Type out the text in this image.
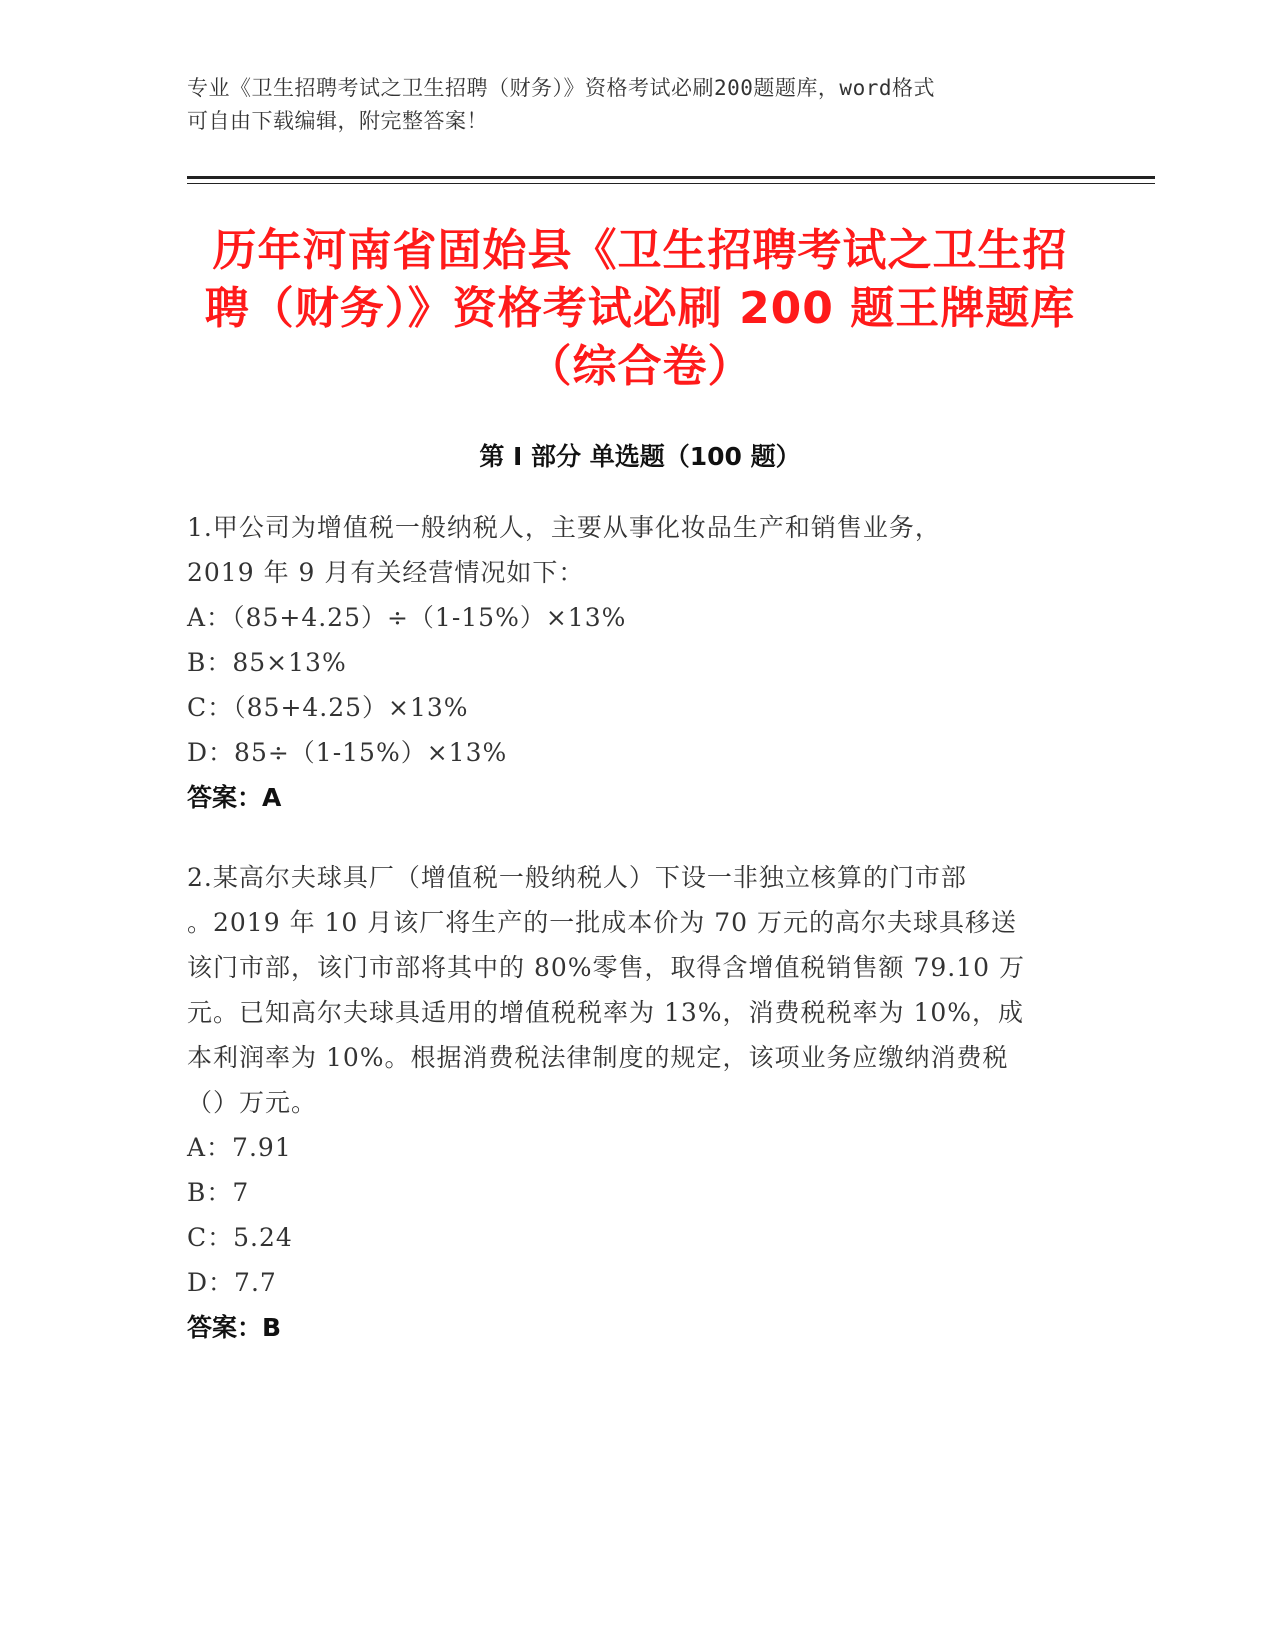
专业《卫生招聘考试之卫生招聘（财务）》资格考试必刷200题题库，word格式
可自由下载编辑，附完整答案！
历年河南省固始县《卫生招聘考试之卫生招
聘（财务）》资格考试必刷 200 题王牌题库
（综合卷）
第 I 部分 单选题（100 题）
1.甲公司为增值税一般纳税人，主要从事化妆品生产和销售业务，
2019 年 9 月有关经营情况如下：
A：（85+4.25）÷（1-15%）×13%
B：85×13%
C：（85+4.25）×13%
D：85÷（1-15%）×13%
答案：A
2.某高尔夫球具厂（增值税一般纳税人）下设一非独立核算的门市部
。2019 年 10 月该厂将生产的一批成本价为 70 万元的高尔夫球具移送
该门市部，该门市部将其中的 80%零售，取得含增值税销售额 79.10 万
元。已知高尔夫球具适用的增值税税率为 13%，消费税税率为 10%，成
本利润率为 10%。根据消费税法律制度的规定，该项业务应缴纳消费税
（）万元。
A：7.91
B：7
C：5.24
D：7.7
答案：B
